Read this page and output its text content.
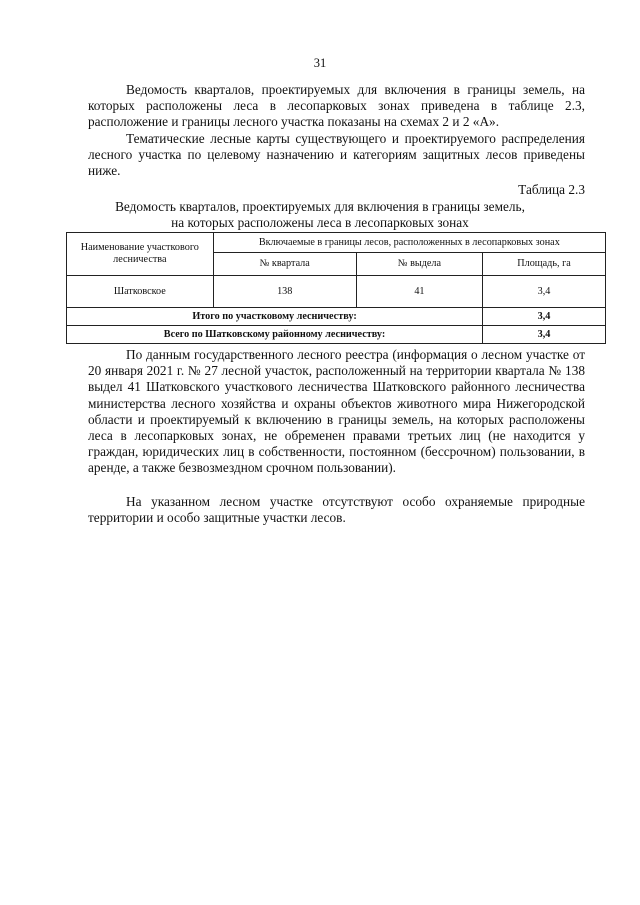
31

Ведомость кварталов, проектируемых для включения в границы земель, на которых расположены леса в лесопарковых зонах приведена в таблице 2.3, расположение и границы лесного участка показаны на схемах 2 и 2 «А».

Тематические лесные карты существующего и проектируемого распределения лесного участка по целевому назначению и категориям защитных лесов приведены ниже.

Таблица 2.3

Ведомость кварталов, проектируемых для включения в границы земель,
на которых расположены леса в лесопарковых зонах

Наименование участкового лесничества	Включаемые в границы лесов, расположенных в лесопарковых зонах		
	№ квартала	№ выдела	Площадь, га
Шатковское	138	41	3,4
Итого по участковому лесничеству:			3,4
Всего по Шатковскому районному лесничеству:			3,4

По данным государственного лесного реестра (информация о лесном участке от 20 января 2021 г. № 27 лесной участок, расположенный на территории квартала № 138 выдел 41 Шатковского участкового лесничества Шатковского районного лесничества министерства лесного хозяйства и охраны объектов животного мира Нижегородской области и проектируемый к включению в границы земель, на которых расположены леса в лесопарковых зонах, не обременен правами третьих лиц (не находится у граждан, юридических лиц в собственности, постоянном (бессрочном) пользовании, в аренде, а также безвозмездном срочном пользовании).

На указанном лесном участке отсутствуют особо охраняемые природные территории и особо защитные участки лесов.
